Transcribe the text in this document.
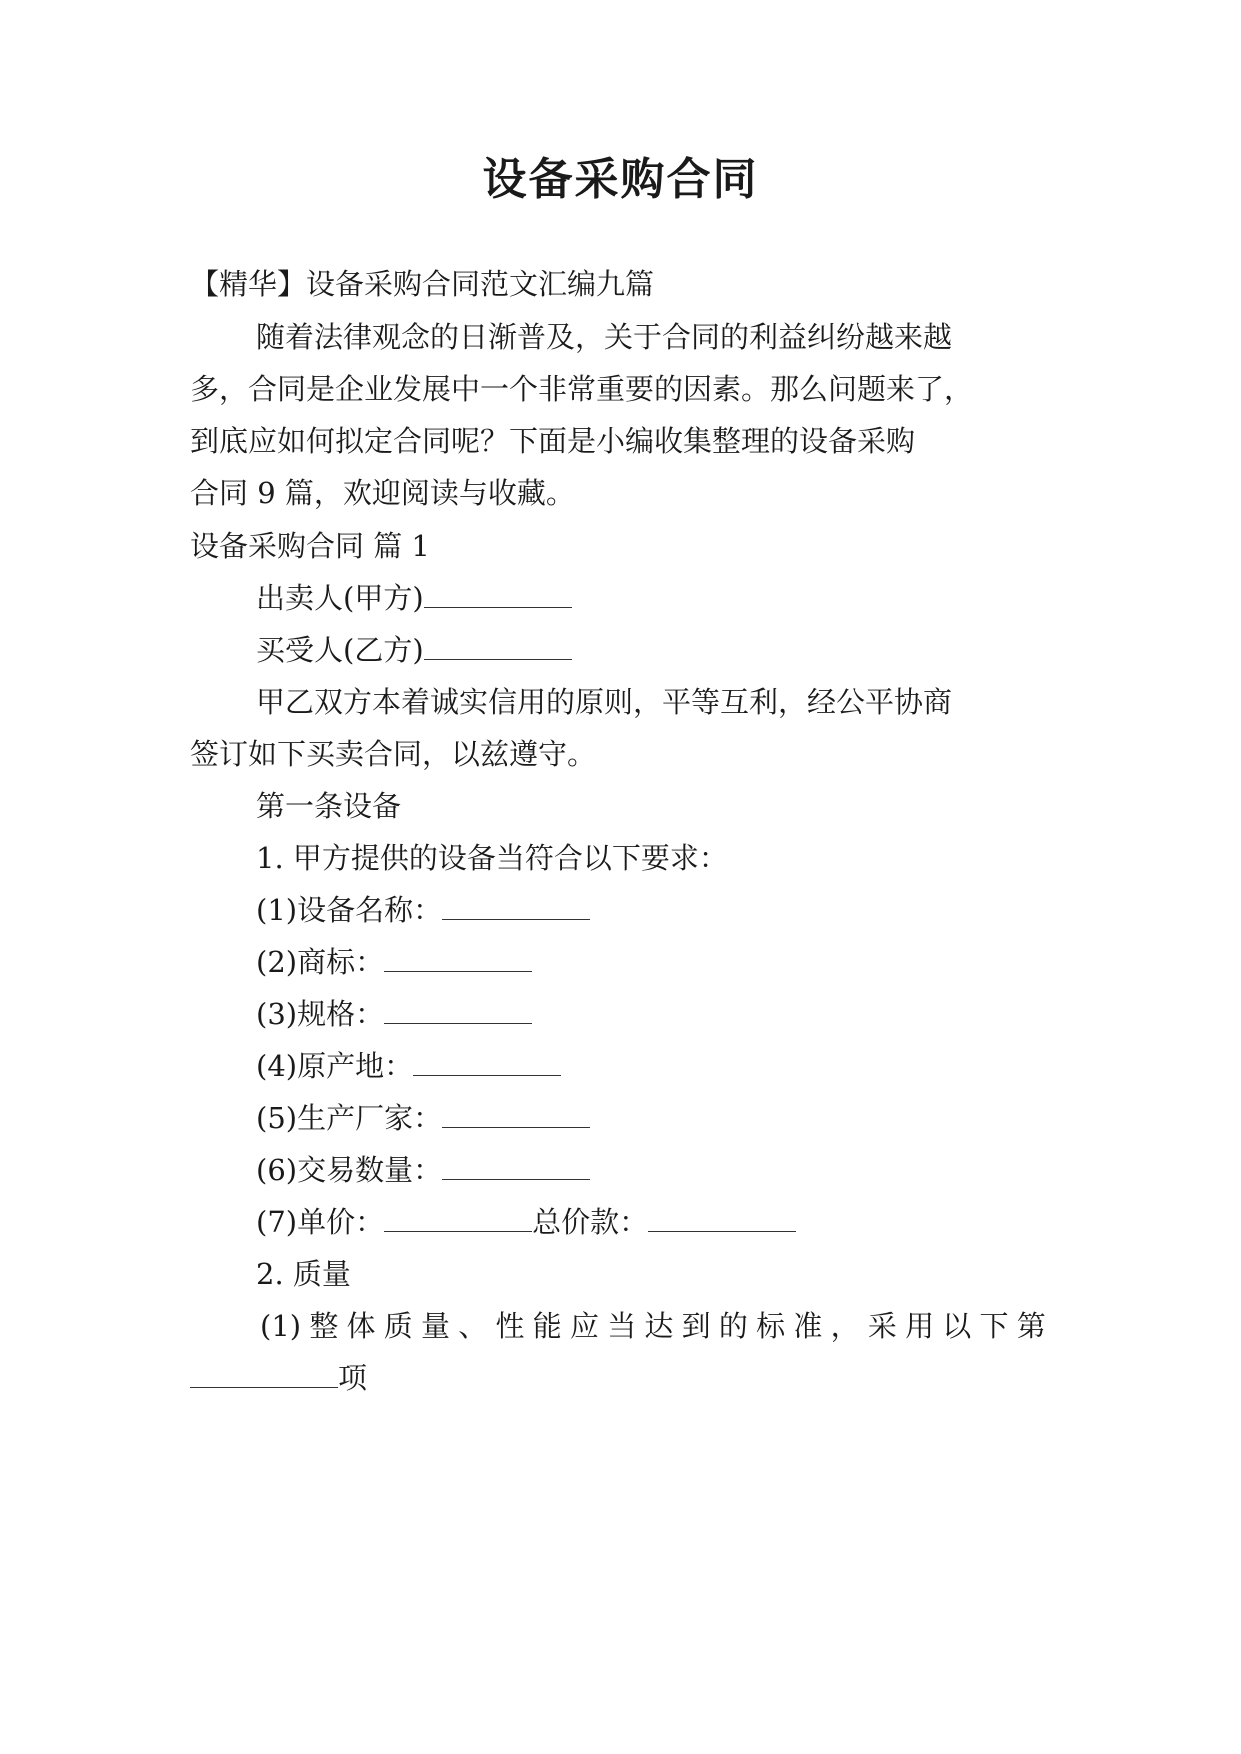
设备采购合同
【精华】设备采购合同范文汇编九篇
随着法律观念的日渐普及，关于合同的利益纠纷越来越
多，合同是企业发展中一个非常重要的因素。那么问题来了，
到底应如何拟定合同呢？下面是小编收集整理的设备采购
合同 9 篇，欢迎阅读与收藏。
设备采购合同 篇 1
出卖人(甲方)
买受人(乙方)
甲乙双方本着诚实信用的原则，平等互利，经公平协商
签订如下买卖合同，以兹遵守。
第一条设备
1. 甲方提供的设备当符合以下要求：
(1)设备名称：
(2)商标：
(3)规格：
(4)原产地：
(5)生产厂家：
(6)交易数量：
(7)单价：	总价款：
2. 质量
(1) 整 体 质 量 、 性 能 应 当 达 到 的 标 准 ， 采 用 以 下 第
项
